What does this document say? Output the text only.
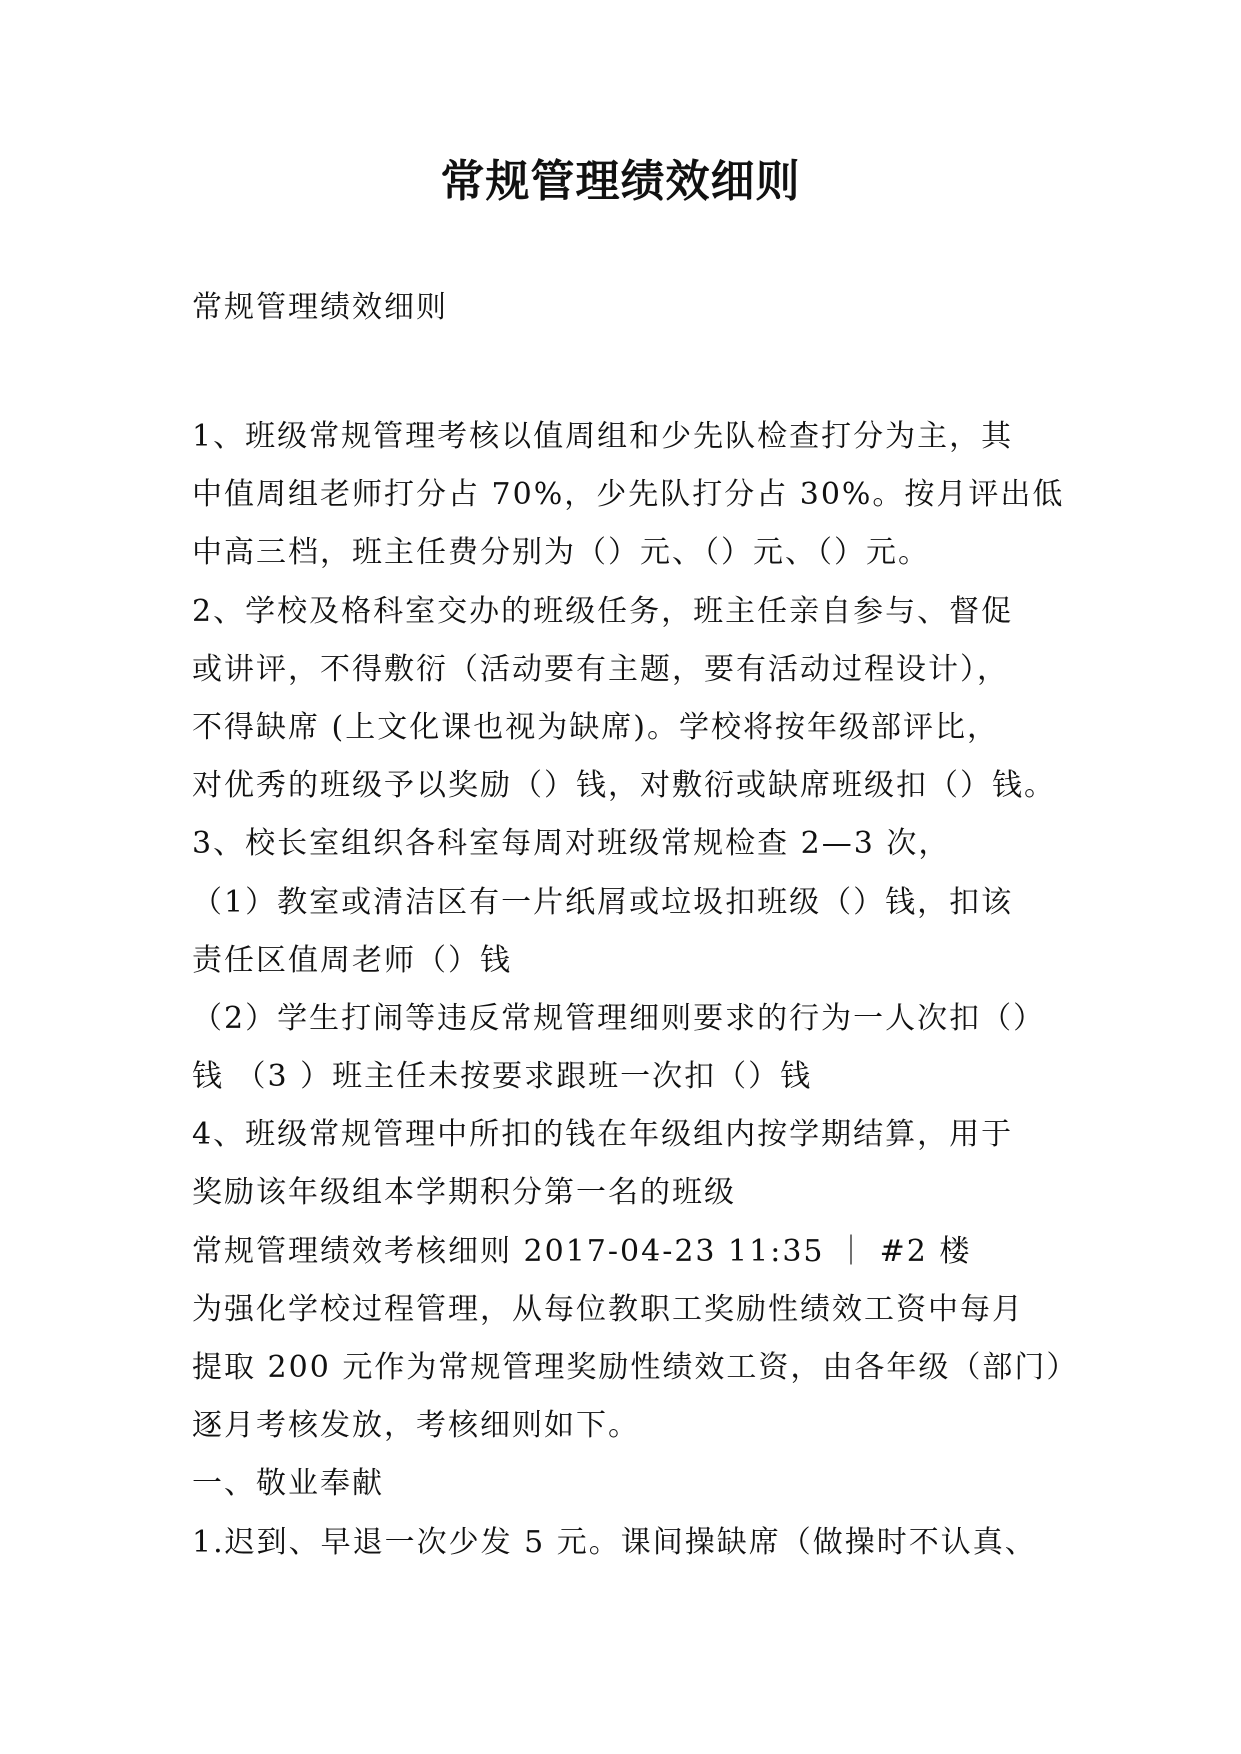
常规管理绩效细则
常规管理绩效细则
1、班级常规管理考核以值周组和少先队检查打分为主，其
中值周组老师打分占 70%，少先队打分占 30%。按月评出低
中高三档，班主任费分别为（）元、（）元、（）元。
2、学校及格科室交办的班级任务，班主任亲自参与、督促
或讲评，不得敷衍（活动要有主题，要有活动过程设计），
不得缺席 (上文化课也视为缺席)。学校将按年级部评比，
对优秀的班级予以奖励（）钱，对敷衍或缺席班级扣（）钱。
3、校长室组织各科室每周对班级常规检查 2—3 次，
（1）教室或清洁区有一片纸屑或垃圾扣班级（）钱，扣该
责任区值周老师（）钱
（2）学生打闹等违反常规管理细则要求的行为一人次扣（）
钱 （3 ）班主任未按要求跟班一次扣（）钱
4、班级常规管理中所扣的钱在年级组内按学期结算，用于
奖励该年级组本学期积分第一名的班级
常规管理绩效考核细则 2017-04-23 11:35 ｜ #2 楼
为强化学校过程管理，从每位教职工奖励性绩效工资中每月
提取 200 元作为常规管理奖励性绩效工资，由各年级（部门）
逐月考核发放，考核细则如下。
一、敬业奉献
1.迟到、早退一次少发 5 元。课间操缺席（做操时不认真、
